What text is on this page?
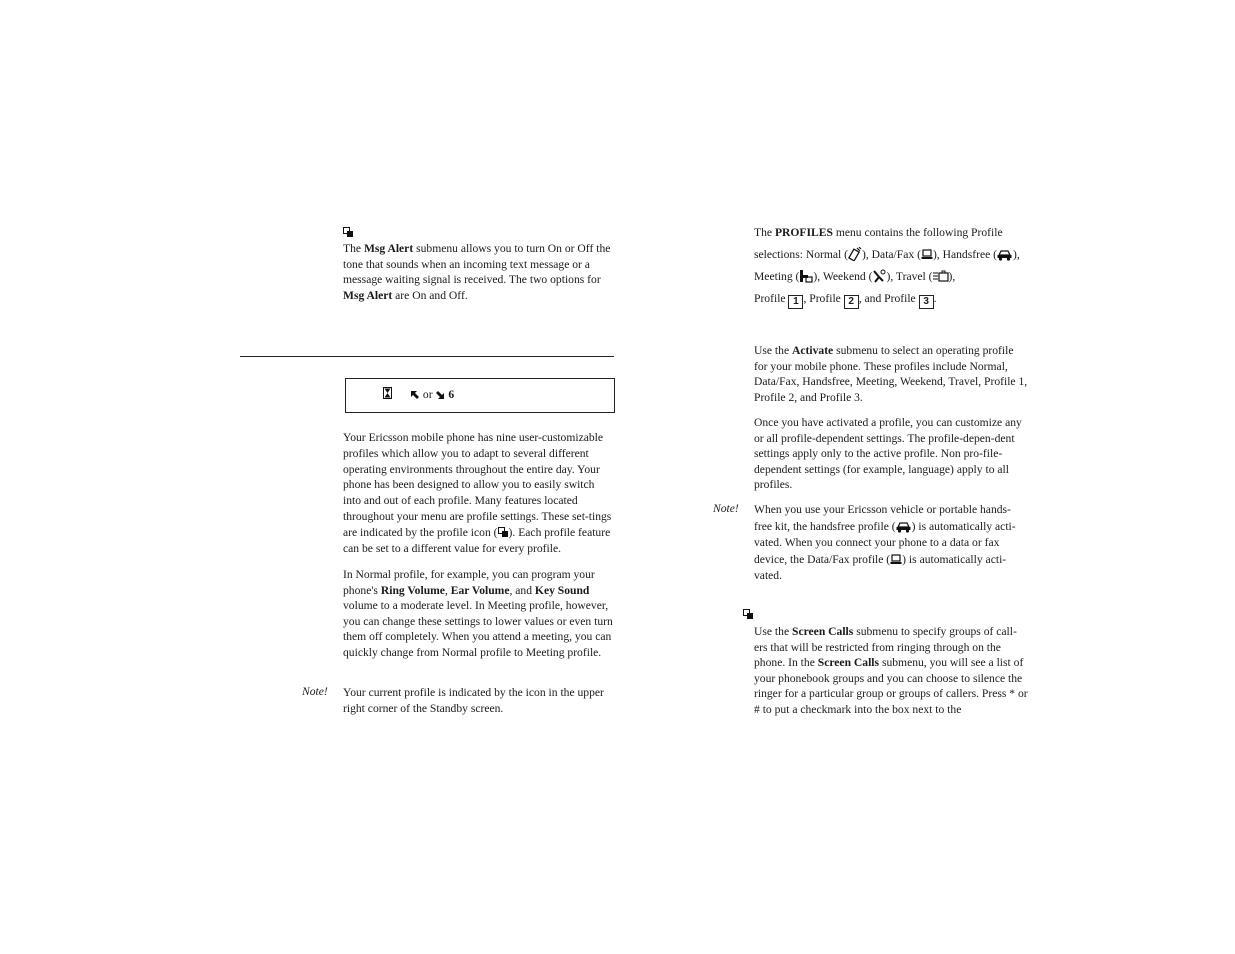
The Msg Alert submenu allows you to turn On or Off the tone that sounds when an incoming text message or a message waiting signal is received. The two options for Msg Alert are On and Off.

or 6

Your Ericsson mobile phone has nine user-customizable profiles which allow you to adapt to several different operating environments throughout the entire day. Your phone has been designed to allow you to easily switch into and out of each profile. Many features located throughout your menu are profile settings. These set-tings are indicated by the profile icon ( ). Each profile feature can be set to a different value for every profile.

In Normal profile, for example, you can program your phone's Ring Volume, Ear Volume, and Key Sound volume to a moderate level. In Meeting profile, however, you can change these settings to lower values or even turn them off completely. When you attend a meeting, you can quickly change from Normal profile to Meeting profile.

Note! Your current profile is indicated by the icon in the upper right corner of the Standby screen.

The PROFILES menu contains the following Profile selections: Normal ( ), Data/Fax ( ), Handsfree ( ), Meeting ( ), Weekend ( ), Travel ( ),
Profile 1 , Profile 2 , and Profile 3 .

Use the Activate submenu to select an operating profile for your mobile phone. These profiles include Normal, Data/Fax, Handsfree, Meeting, Weekend, Travel, Profile 1, Profile 2, and Profile 3.

Once you have activated a profile, you can customize any or all profile-dependent settings. The profile-depen-dent settings apply only to the active profile. Non pro-file-dependent settings (for example, language) apply to all profiles.

Note! When you use your Ericsson vehicle or portable hands-free kit, the handsfree profile ( ) is automatically acti-vated. When you connect your phone to a data or fax device, the Data/Fax profile ( ) is automatically acti-vated.

Use the Screen Calls submenu to specify groups of call-ers that will be restricted from ringing through on the phone. In the Screen Calls submenu, you will see a list of your phonebook groups and you can choose to silence the ringer for a particular group or groups of callers. Press * or # to put a checkmark into the box next to the
